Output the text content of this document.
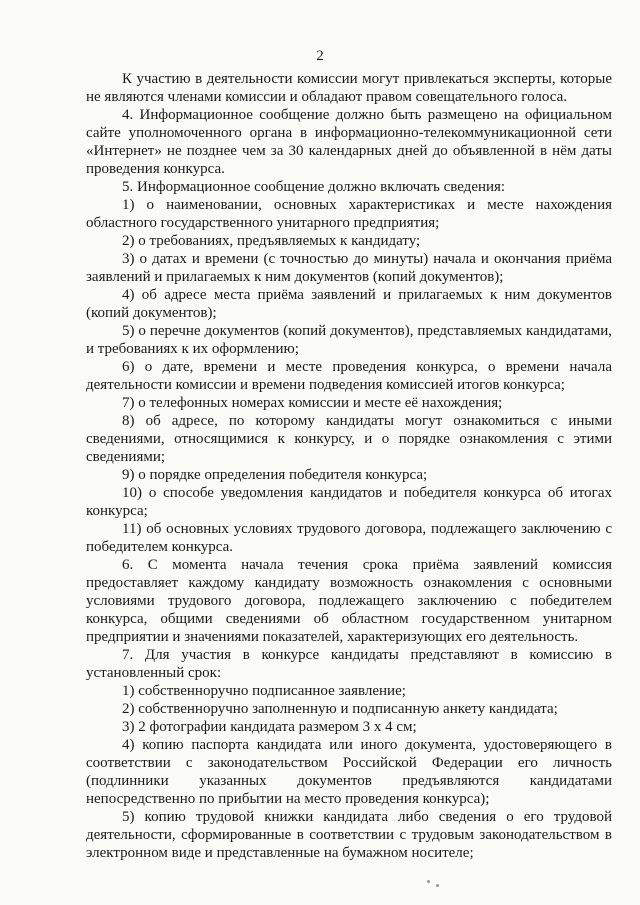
2

К участию в деятельности комиссии могут привлекаться эксперты, которые не являются членами комиссии и обладают правом совещательного голоса.

4. Информационное сообщение должно быть размещено на официальном сайте уполномоченного органа в информационно-телекоммуникационной сети «Интернет» не позднее чем за 30 календарных дней до объявленной в нём даты проведения конкурса.

5. Информационное сообщение должно включать сведения:

1) о наименовании, основных характеристиках и месте нахождения областного государственного унитарного предприятия;

2) о требованиях, предъявляемых к кандидату;

3) о датах и времени (с точностью до минуты) начала и окончания приёма заявлений и прилагаемых к ним документов (копий документов);

4) об адресе места приёма заявлений и прилагаемых к ним документов (копий документов);

5) о перечне документов (копий документов), представляемых кандидатами, и требованиях к их оформлению;

6) о дате, времени и месте проведения конкурса, о времени начала деятельности комиссии и времени подведения комиссией итогов конкурса;

7) о телефонных номерах комиссии и месте её нахождения;

8) об адресе, по которому кандидаты могут ознакомиться с иными сведениями, относящимися к конкурсу, и о порядке ознакомления с этими сведениями;

9) о порядке определения победителя конкурса;

10) о способе уведомления кандидатов и победителя конкурса об итогах конкурса;

11) об основных условиях трудового договора, подлежащего заключению с победителем конкурса.

6. С момента начала течения срока приёма заявлений комиссия предоставляет каждому кандидату возможность ознакомления с основными условиями трудового договора, подлежащего заключению с победителем конкурса, общими сведениями об областном государственном унитарном предприятии и значениями показателей, характеризующих его деятельность.

7. Для участия в конкурсе кандидаты представляют в комиссию в установленный срок:

1) собственноручно подписанное заявление;

2) собственноручно заполненную и подписанную анкету кандидата;

3) 2 фотографии кандидата размером 3 х 4 см;

4) копию паспорта кандидата или иного документа, удостоверяющего в соответствии с законодательством Российской Федерации его личность (подлинники указанных документов предъявляются кандидатами непосредственно по прибытии на место проведения конкурса);

5) копию трудовой книжки кандидата либо сведения о его трудовой деятельности, сформированные в соответствии с трудовым законодательством в электронном виде и представленные на бумажном носителе;
